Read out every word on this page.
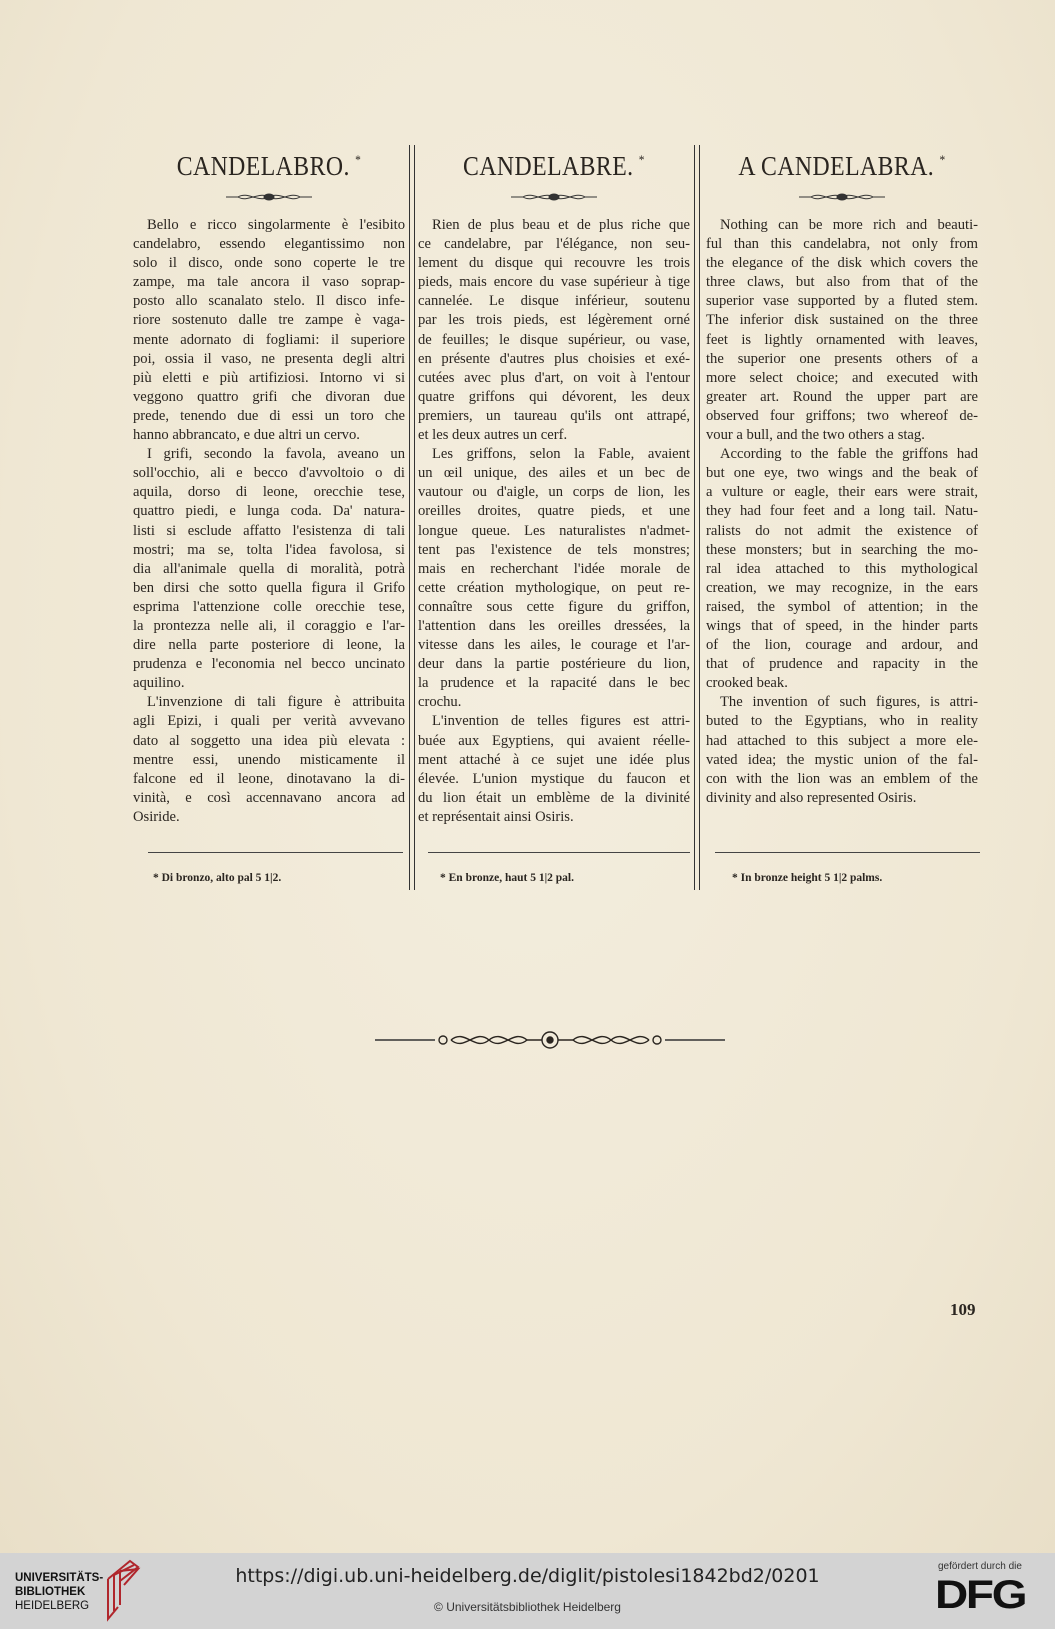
CANDELABRO. *
Bello e ricco singolarmente è l'esibito
candelabro, essendo elegantissimo non
solo il disco, onde sono coperte le tre
zampe, ma tale ancora il vaso soprap-
posto allo scanalato stelo. Il disco infe-
riore sostenuto dalle tre zampe è vaga-
mente adornato di fogliami: il superiore
poi, ossia il vaso, ne presenta degli altri
più eletti e più artifiziosi. Intorno vi si
veggono quattro grifi che divoran due
prede, tenendo due di essi un toro che
hanno abbrancato, e due altri un cervo.
I grifi, secondo la favola, aveano un
soll'occhio, ali e becco d'avvoltoio o di
aquila, dorso di leone, orecchie tese,
quattro piedi, e lunga coda. Da' natura-
listi si esclude affatto l'esistenza di tali
mostri; ma se, tolta l'idea favolosa, si
dia all'animale quella di moralità, potrà
ben dirsi che sotto quella figura il Grifo
esprima l'attenzione colle orecchie tese,
la prontezza nelle ali, il coraggio e l'ar-
dire nella parte posteriore di leone, la
prudenza e l'economia nel becco uncinato
aquilino.
L'invenzione di tali figure è attribuita
agli Epizi, i quali per verità avvevano
dato al soggetto una idea più elevata :
mentre essi, unendo misticamente il
falcone ed il leone, dinotavano la di-
vinità, e così accennavano ancora ad
Osiride.
CANDELABRE. *
Rien de plus beau et de plus riche que
ce candelabre, par l'élégance, non seu-
lement du disque qui recouvre les trois
pieds, mais encore du vase supérieur à tige
cannelée. Le disque inférieur, soutenu
par les trois pieds, est légèrement orné
de feuilles; le disque supérieur, ou vase,
en présente d'autres plus choisies et exé-
cutées avec plus d'art, on voit à l'entour
quatre griffons qui dévorent, les deux
premiers, un taureau qu'ils ont attrapé,
et les deux autres un cerf.
Les griffons, selon la Fable, avaient
un œil unique, des ailes et un bec de
vautour ou d'aigle, un corps de lion, les
oreilles droites, quatre pieds, et une
longue queue. Les naturalistes n'admet-
tent pas l'existence de tels monstres;
mais en recherchant l'idée morale de
cette création mythologique, on peut re-
connaître sous cette figure du griffon,
l'attention dans les oreilles dressées, la
vitesse dans les ailes, le courage et l'ar-
deur dans la partie postérieure du lion,
la prudence et la rapacité dans le bec
crochu.
L'invention de telles figures est attri-
buée aux Egyptiens, qui avaient réelle-
ment attaché à ce sujet une idée plus
élevée. L'union mystique du faucon et
du lion était un emblème de la divinité
et représentait ainsi Osiris.
A CANDELABRA. *
Nothing can be more rich and beauti-
ful than this candelabra, not only from
the elegance of the disk which covers the
three claws, but also from that of the
superior vase supported by a fluted stem.
The inferior disk sustained on the three
feet is lightly ornamented with leaves,
the superior one presents others of a
more select choice; and executed with
greater art. Round the upper part are
observed four griffons; two whereof de-
vour a bull, and the two others a stag.
According to the fable the griffons had
but one eye, two wings and the beak of
a vulture or eagle, their ears were strait,
they had four feet and a long tail. Natu-
ralists do not admit the existence of
these monsters; but in searching the mo-
ral idea attached to this mythological
creation, we may recognize, in the ears
raised, the symbol of attention; in the
wings that of speed, in the hinder parts
of the lion, courage and ardour, and
that of prudence and rapacity in the
crooked beak.
The invention of such figures, is attri-
buted to the Egyptians, who in reality
had attached to this subject a more ele-
vated idea; the mystic union of the fal-
con with the lion was an emblem of the
divinity and also represented Osiris.
* Di bronzo, alto pal 5 1|2.	* En bronze, haut 5 1|2 pal.	* In bronze height 5 1|2 palms.
109
UNIVERSITÄTS-
BIBLIOTHEK
HEIDELBERG
https://digi.ub.uni-heidelberg.de/diglit/pistolesi1842bd2/0201
© Universitätsbibliothek Heidelberg
gefördert durch die
DFG
